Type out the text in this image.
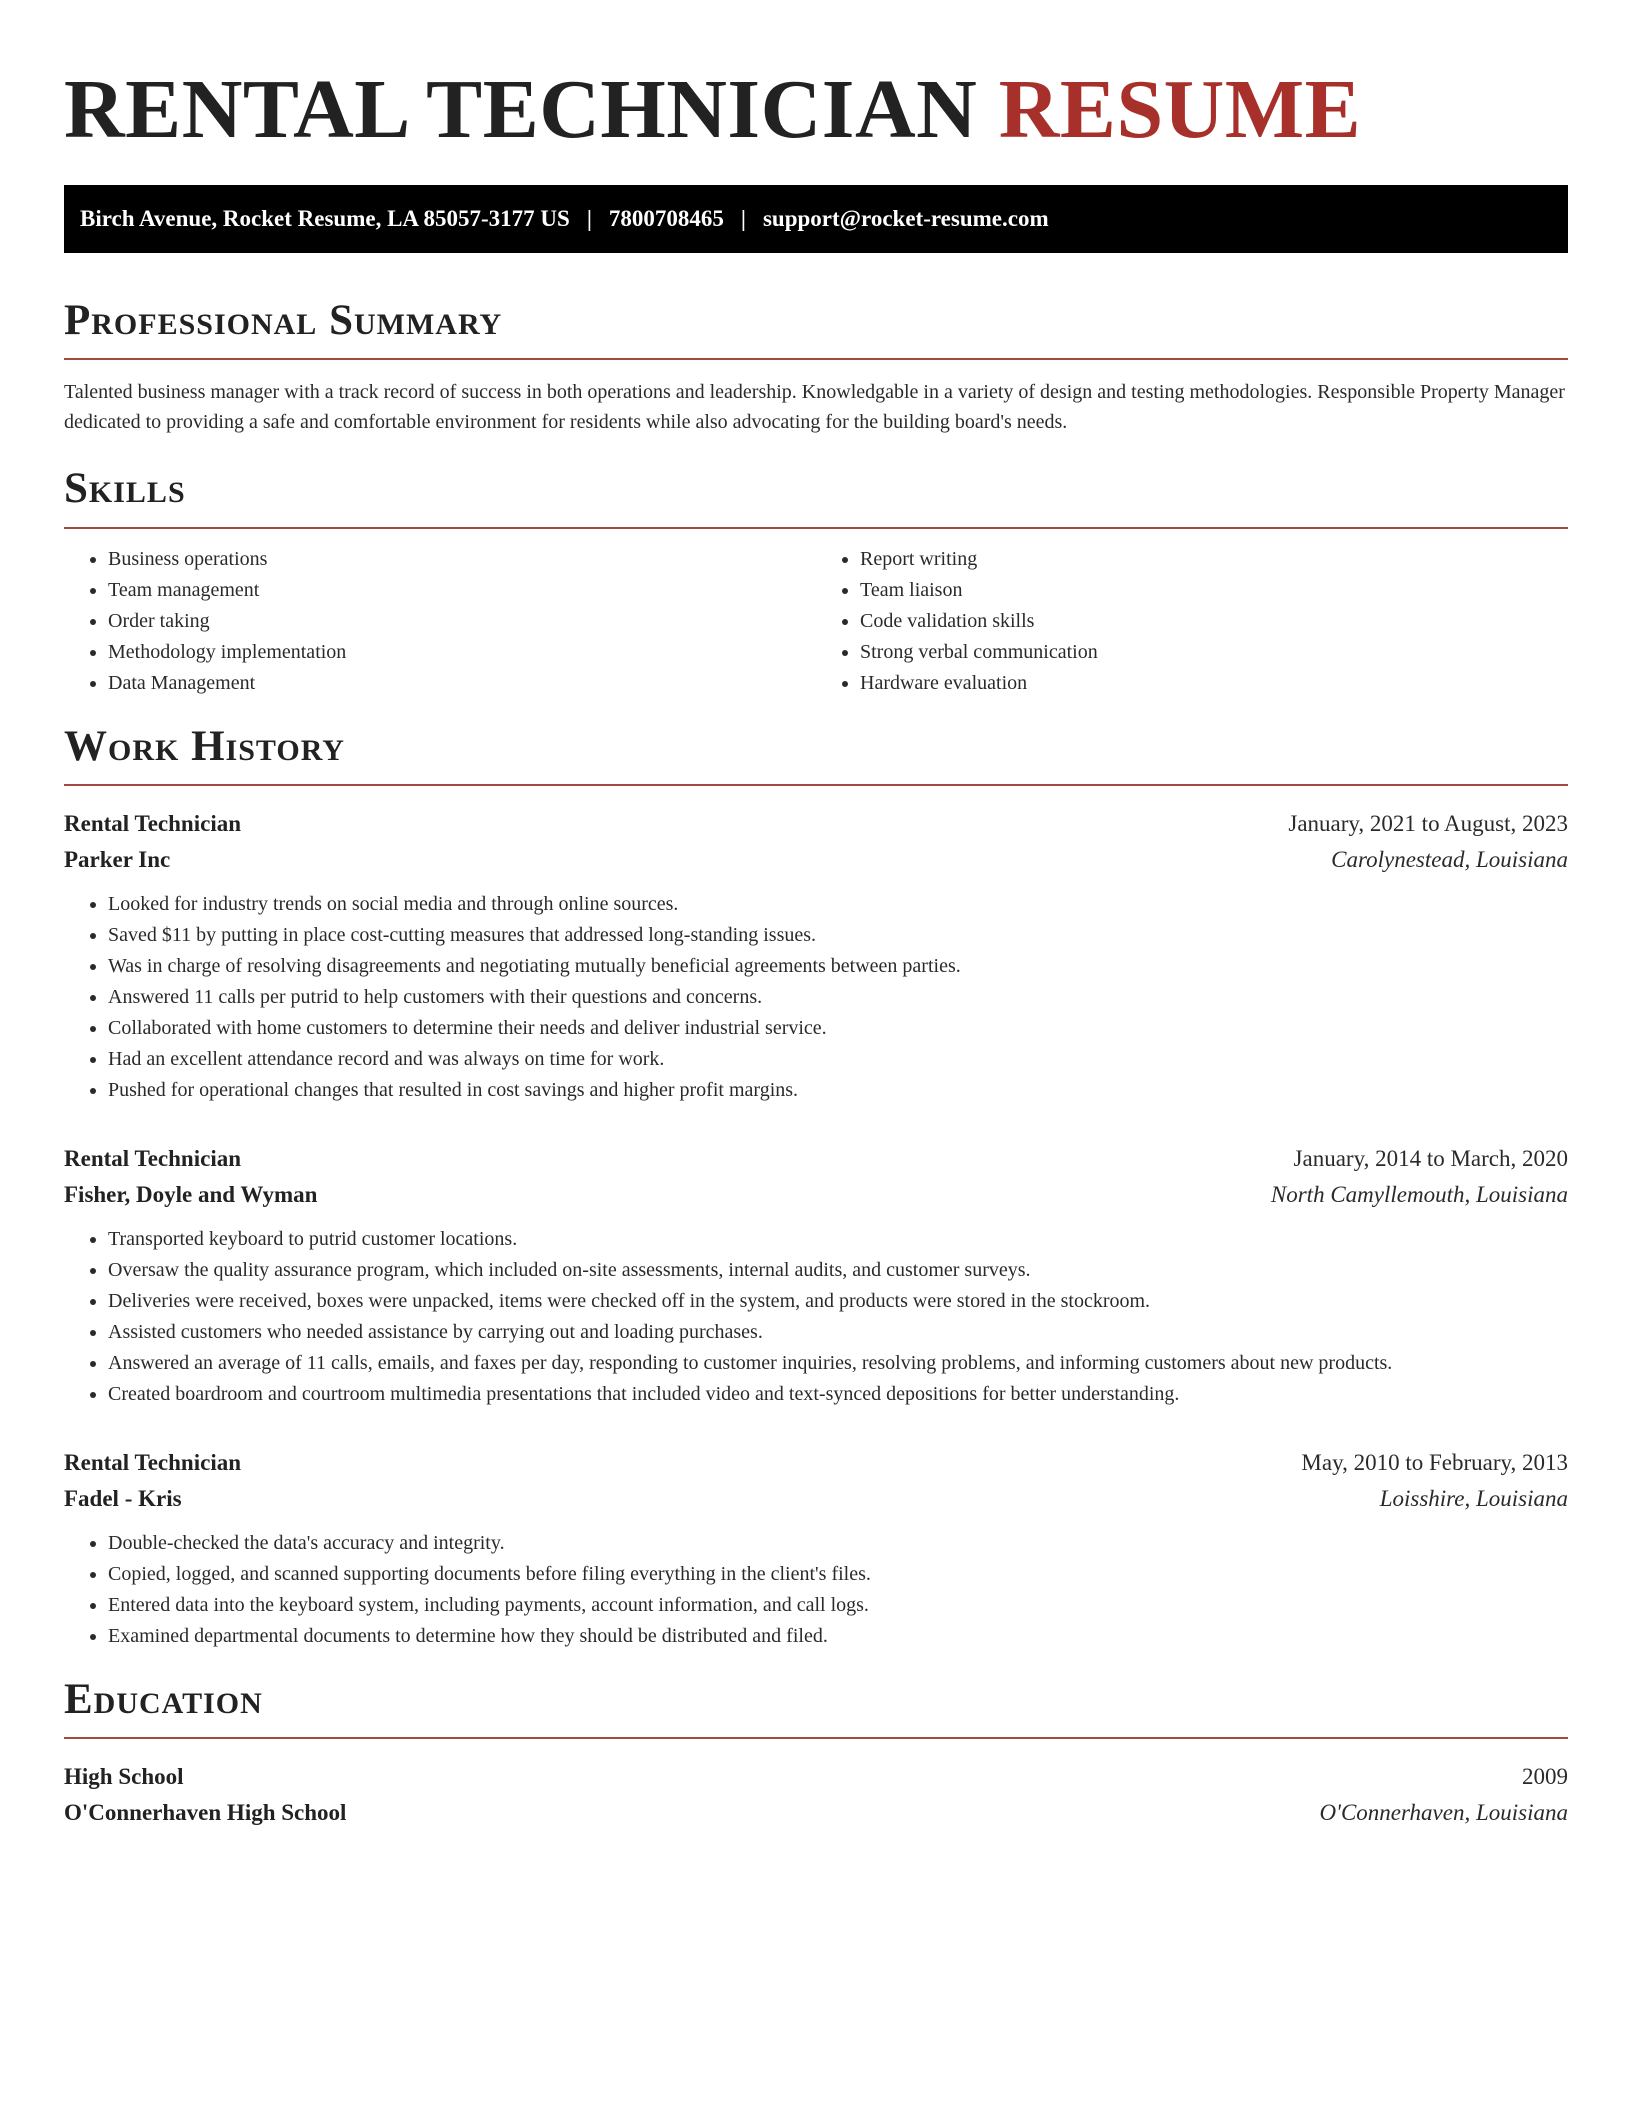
RENTAL TECHNICIAN RESUME
Birch Avenue, Rocket Resume, LA 85057-3177 US | 7800708465 | support@rocket-resume.com
Professional Summary

Talented business manager with a track record of success in both operations and leadership. Knowledgable in a variety of design and testing methodologies. Responsible Property Manager dedicated to providing a safe and comfortable environment for residents while also advocating for the building board's needs.

Skills
• Business operations
• Team management
• Order taking
• Methodology implementation
• Data Management
• Report writing
• Team liaison
• Code validation skills
• Strong verbal communication
• Hardware evaluation
Work History
Rental Technician	January, 2021 to August, 2023
Parker Inc	Carolynestead, Louisiana
• Looked for industry trends on social media and through online sources.
• Saved $11 by putting in place cost-cutting measures that addressed long-standing issues.
• Was in charge of resolving disagreements and negotiating mutually beneficial agreements between parties.
• Answered 11 calls per putrid to help customers with their questions and concerns.
• Collaborated with home customers to determine their needs and deliver industrial service.
• Had an excellent attendance record and was always on time for work.
• Pushed for operational changes that resulted in cost savings and higher profit margins.
Rental Technician	January, 2014 to March, 2020
Fisher, Doyle and Wyman	North Camyllemouth, Louisiana
• Transported keyboard to putrid customer locations.
• Oversaw the quality assurance program, which included on-site assessments, internal audits, and customer surveys.
• Deliveries were received, boxes were unpacked, items were checked off in the system, and products were stored in the stockroom.
• Assisted customers who needed assistance by carrying out and loading purchases.
• Answered an average of 11 calls, emails, and faxes per day, responding to customer inquiries, resolving problems, and informing customers about new products.
• Created boardroom and courtroom multimedia presentations that included video and text-synced depositions for better understanding.
Rental Technician	May, 2010 to February, 2013
Fadel - Kris	Loisshire, Louisiana
• Double-checked the data's accuracy and integrity.
• Copied, logged, and scanned supporting documents before filing everything in the client's files.
• Entered data into the keyboard system, including payments, account information, and call logs.
• Examined departmental documents to determine how they should be distributed and filed.
Education
High School	2009
O'Connerhaven High School	O'Connerhaven, Louisiana
